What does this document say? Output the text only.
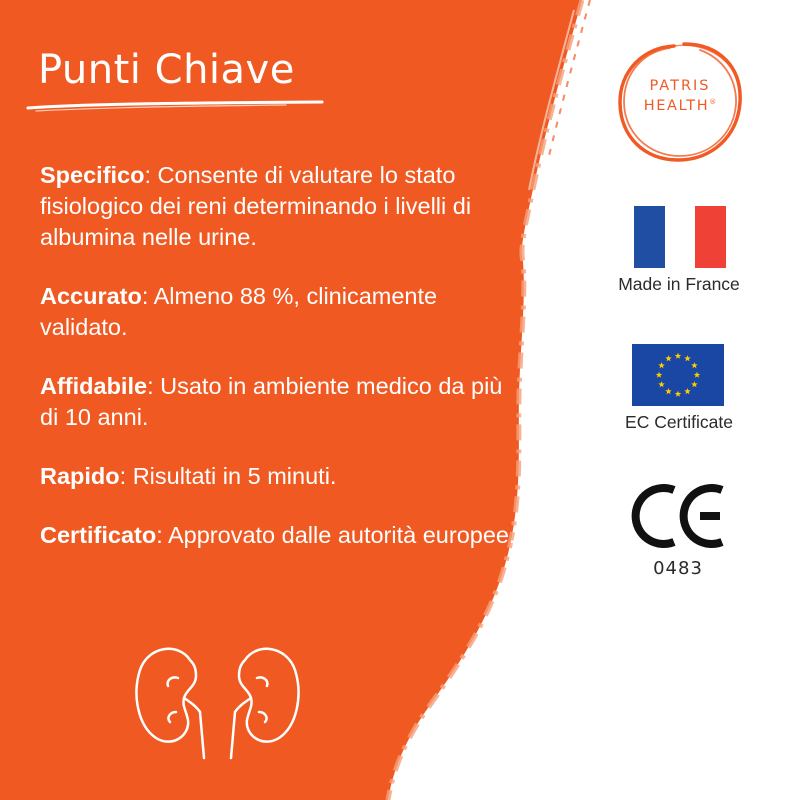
Punti Chiave

Specifico: Consente di valutare lo stato fisiologico dei reni determinando i livelli di albumina nelle urine.

Accurato: Almeno 88 %, clinicamente validato.

Affidabile: Usato in ambiente medico da più di 10 anni.

Rapido: Risultati in 5 minuti.

Certificato: Approvato dalle autorità europee.

PATRIS
HEALTH®
Made in France
EC Certificate
0483
